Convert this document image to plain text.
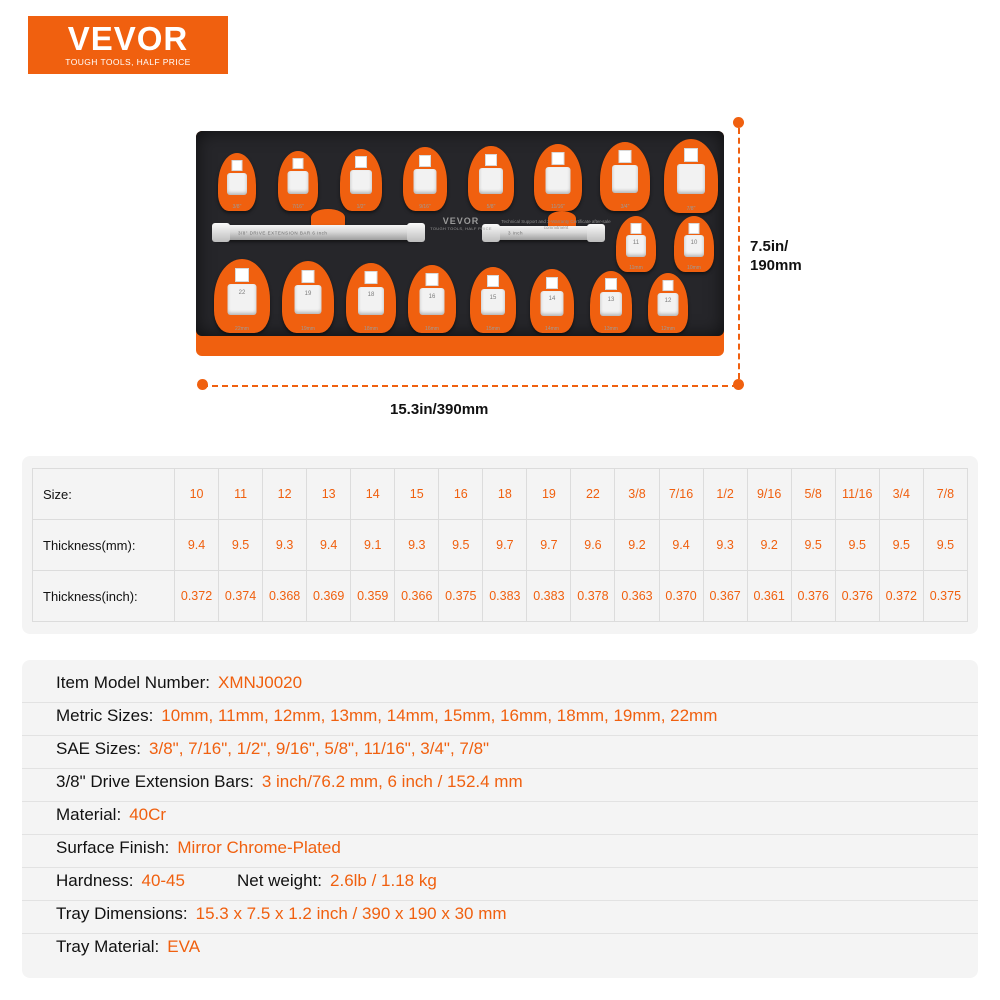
VEVOR
TOUGH TOOLS, HALF PRICE
3/8"	7/16"	1/2"	9/16"	5/8"	11/16"	3/4"	7/8"
3/8" DRIVE EXTENSION BAR 6 inch	3 inch
11
11mm
10
10mm
VEVOR
TOUGH TOOLS, HALF PRICE
Technical Support and 3-Warranty Certificate after-sale commitment
22
22mm
19
19mm
18
18mm
16
16mm
15
15mm
14
14mm
13
13mm
12
12mm
7.5in/
190mm
15.3in/390mm
Size:	10	11	12	13	14	15	16	18	19	22	3/8	7/16	1/2	9/16	5/8	11/16	3/4	7/8
Thickness(mm):	9.4	9.5	9.3	9.4	9.1	9.3	9.5	9.7	9.7	9.6	9.2	9.4	9.3	9.2	9.5	9.5	9.5	9.5
Thickness(inch):	0.372	0.374	0.368	0.369	0.359	0.366	0.375	0.383	0.383	0.378	0.363	0.370	0.367	0.361	0.376	0.376	0.372	0.375
Item Model Number: XMNJ0020
Metric Sizes: 10mm, 11mm, 12mm, 13mm, 14mm, 15mm, 16mm, 18mm, 19mm, 22mm
SAE Sizes: 3/8", 7/16", 1/2", 9/16", 5/8", 11/16", 3/4", 7/8"
3/8" Drive Extension Bars: 3 inch/76.2 mm, 6 inch / 152.4 mm
Material: 40Cr
Surface Finish: Mirror Chrome-Plated
Hardness: 40-45	Net weight: 2.6lb / 1.18 kg
Tray Dimensions: 15.3 x 7.5 x 1.2 inch / 390 x 190 x 30 mm
Tray Material: EVA
